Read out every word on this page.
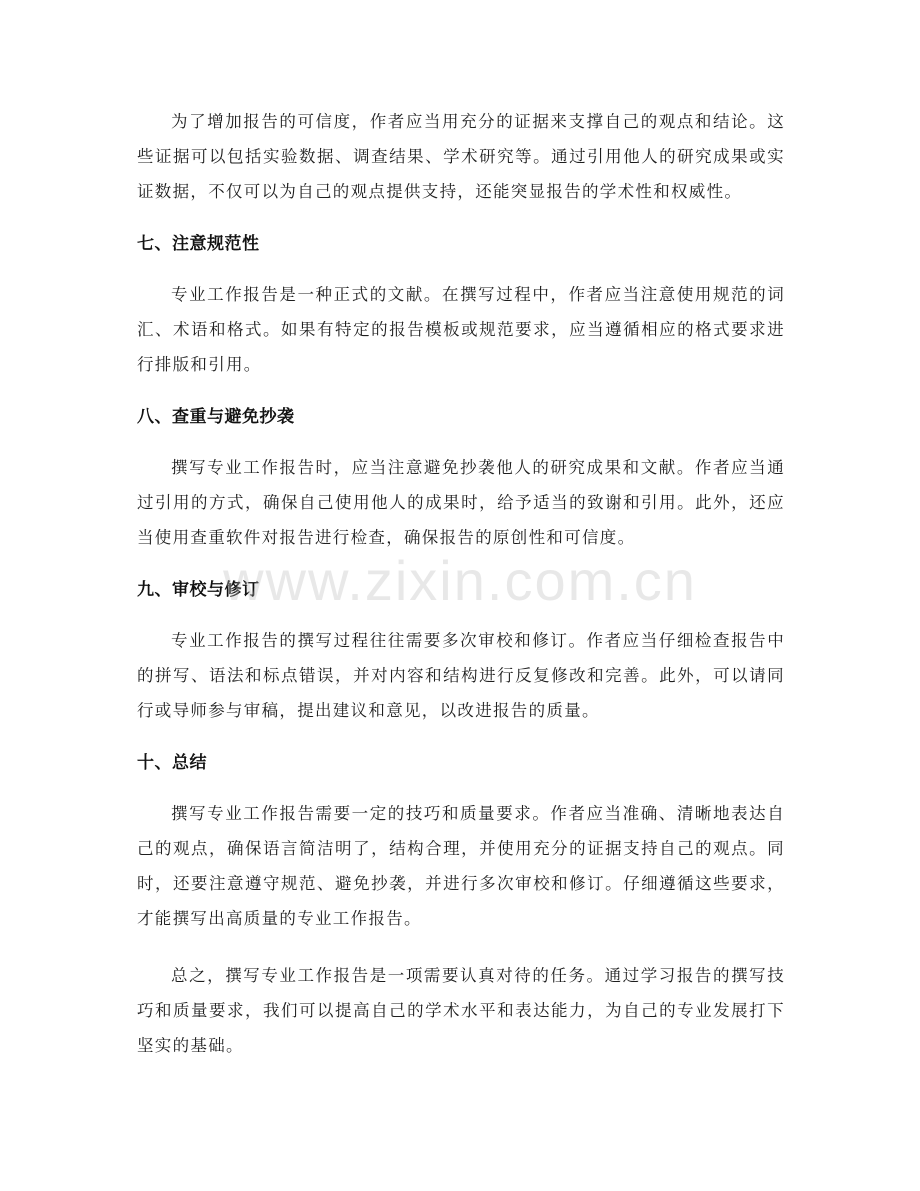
为了增加报告的可信度，作者应当用充分的证据来支撑自己的观点和结论。这些证据可以包括实验数据、调查结果、学术研究等。通过引用他人的研究成果或实证数据，不仅可以为自己的观点提供支持，还能突显报告的学术性和权威性。

七、注意规范性

专业工作报告是一种正式的文献。在撰写过程中，作者应当注意使用规范的词汇、术语和格式。如果有特定的报告模板或规范要求，应当遵循相应的格式要求进行排版和引用。

八、查重与避免抄袭

撰写专业工作报告时，应当注意避免抄袭他人的研究成果和文献。作者应当通过引用的方式，确保自己使用他人的成果时，给予适当的致谢和引用。此外，还应当使用查重软件对报告进行检查，确保报告的原创性和可信度。

九、审校与修订

专业工作报告的撰写过程往往需要多次审校和修订。作者应当仔细检查报告中的拼写、语法和标点错误，并对内容和结构进行反复修改和完善。此外，可以请同行或导师参与审稿，提出建议和意见，以改进报告的质量。

十、总结

撰写专业工作报告需要一定的技巧和质量要求。作者应当准确、清晰地表达自己的观点，确保语言简洁明了，结构合理，并使用充分的证据支持自己的观点。同时，还要注意遵守规范、避免抄袭，并进行多次审校和修订。仔细遵循这些要求，才能撰写出高质量的专业工作报告。

总之，撰写专业工作报告是一项需要认真对待的任务。通过学习报告的撰写技巧和质量要求，我们可以提高自己的学术水平和表达能力，为自己的专业发展打下坚实的基础。

www.zixin.com.cn
